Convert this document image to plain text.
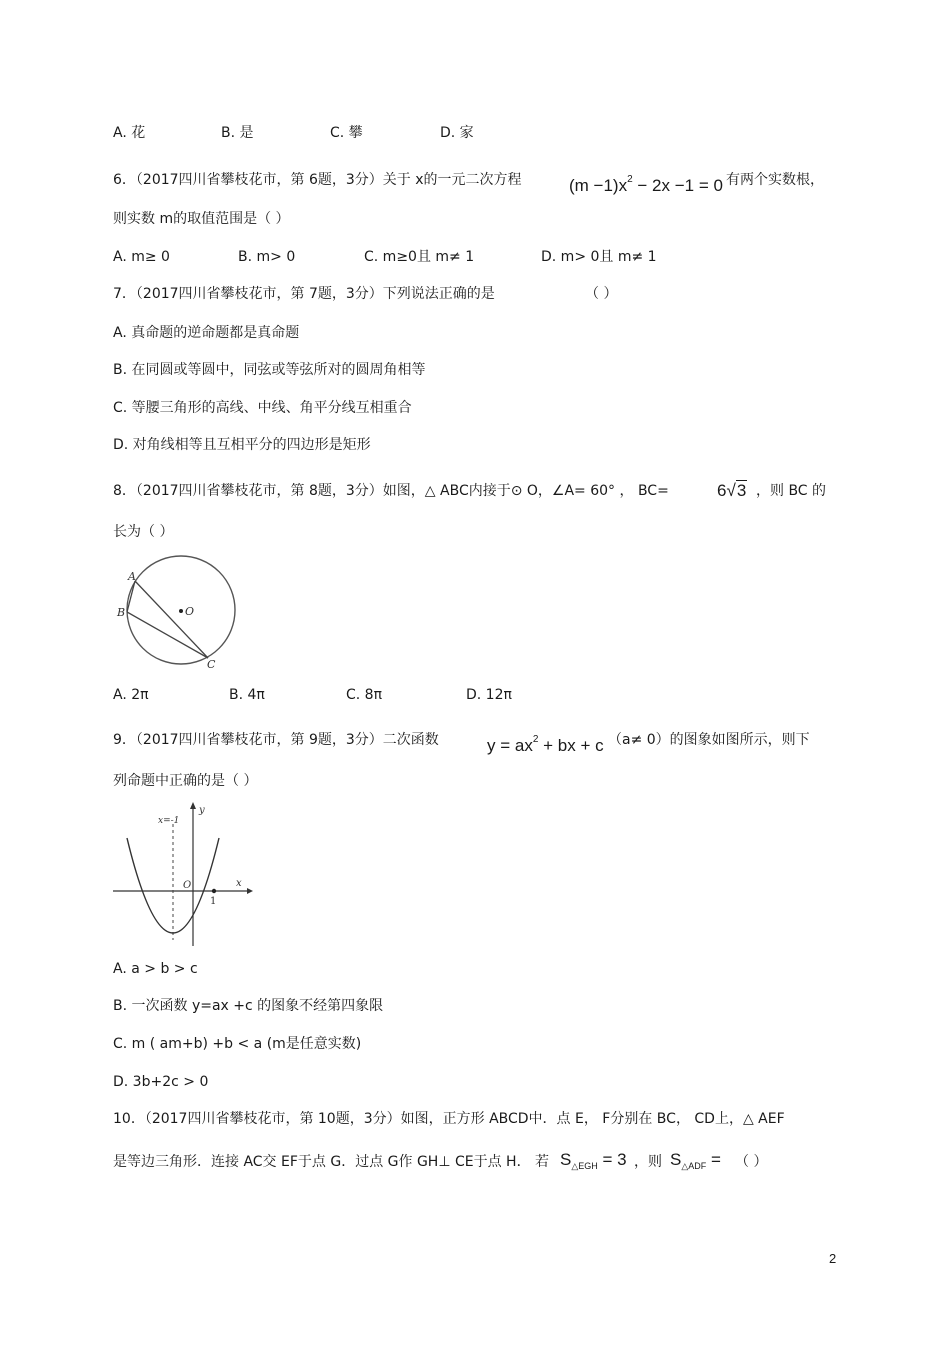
A. 花	B. 是	C. 攀	D. 家
6．（2017四川省攀枝花市，第 6题，3分）关于 x的一元二次方程	$(m -1)x^2 - 2x -1 = 0$ 有两个实数根，
则实数 m的取值范围是（ ）
A. m≥ 0	B. m> 0	C. m≥0且 m≠ 1	D. m> 0且 m≠ 1
7．（2017四川省攀枝花市，第 7题，3分）下列说法正确的是	（ ）
A. 真命题的逆命题都是真命题
B. 在同圆或等圆中，同弦或等弦所对的圆周角相等
C. 等腰三角形的高线、中线、角平分线互相重合
D. 对角线相等且互相平分的四边形是矩形
8．（2017四川省攀枝花市，第 8题，3分）如图，△ ABC内接于⊙ O，∠A= 60° ， BC=	6√3 ，则 BC 的
长为（ ）
A
B
C
O
A. 2π	B. 4π	C. 8π	D. 12π
9．（2017四川省攀枝花市，第 9题，3分）二次函数	$y = ax^2$ + bx + c （a≠ 0）的图象如图所示，则下
列命题中正确的是（ ）
y
x
O
1
x=-1
A. a > b > c
B. 一次函数 y=ax +c 的图象不经第四象限
C. m ( am+b) +b < a (m是任意实数)
D. 3b+2c > 0
10．（2017四川省攀枝花市，第 10题，3分）如图，正方形 ABCD中．点 E， F分别在 BC， CD上，△ AEF
是等边三角形．连接 AC交 EF于点 G．过点 G作 GH⊥ CE于点 H． 若 $S_{\triangle EGH} = 3$ ，则 $S_{\triangle ADF}$ = （ ）
2
